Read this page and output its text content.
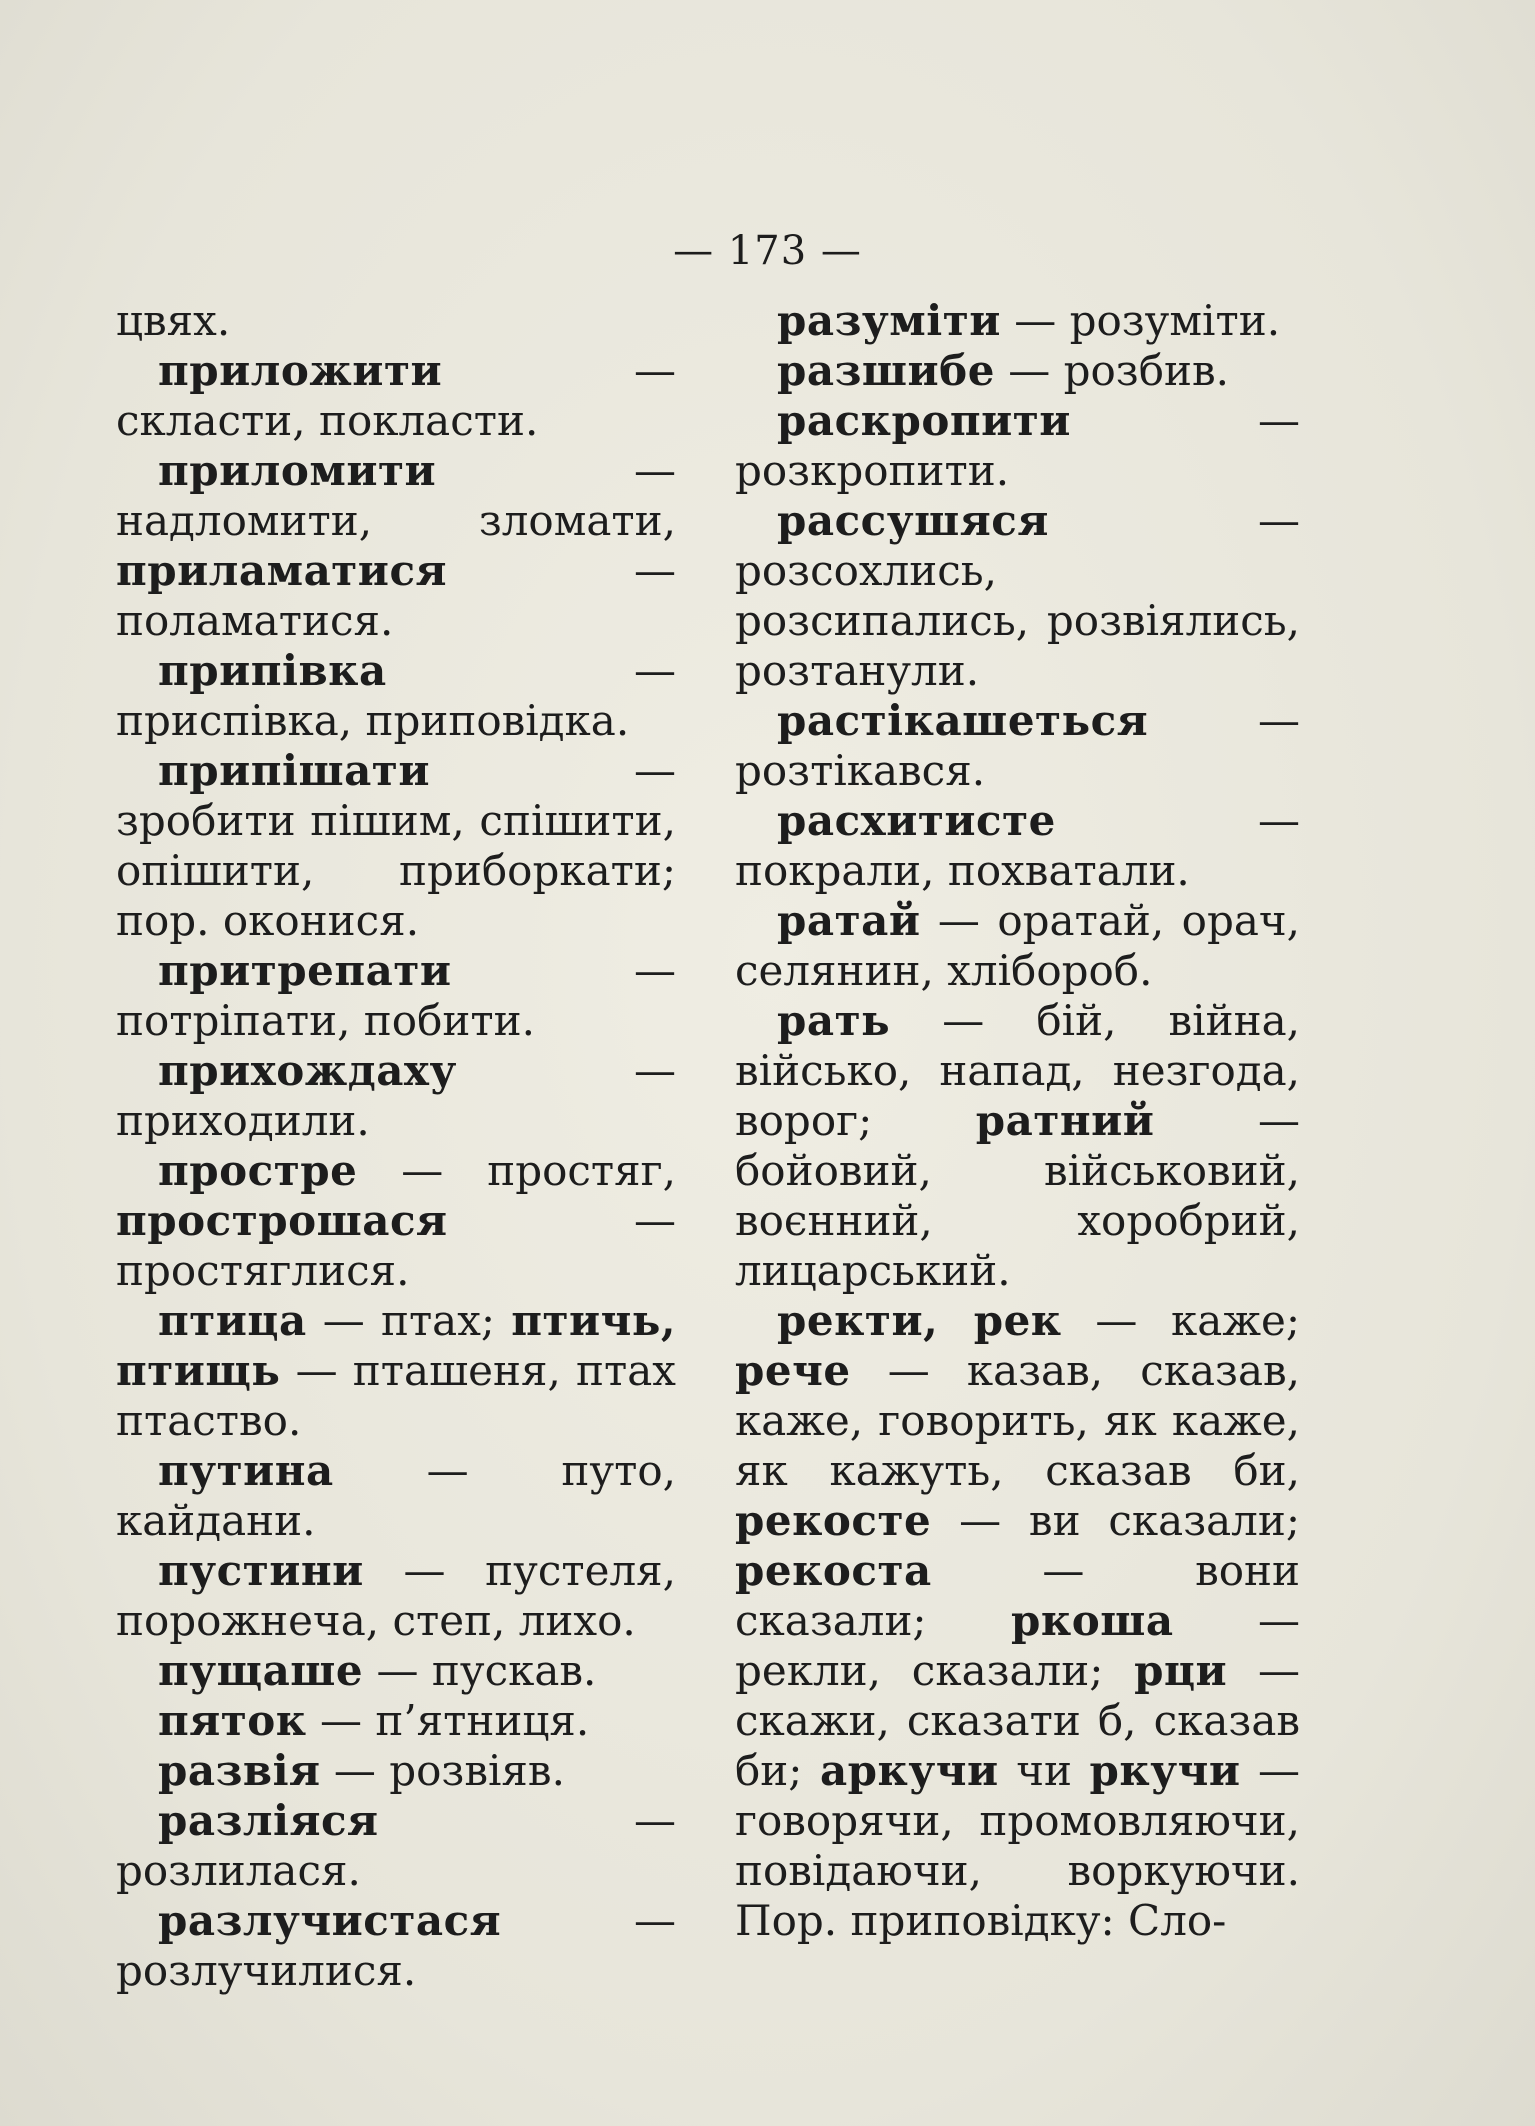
— 173 —

цвях.

приложити — скласти, покласти.

приломити — надломити, зломати, приламатися — поламатися.

припівка — приспівка, приповідка.

припішати — зробити пішим, спішити, опішити, приборкати; пор. оконися.

притрепати — потріпати, побити.

прихождаху — приходили.

простре — простяг, прострошася — простяглися.

птица — птах; птичь, птищь — пташеня, птах птаство.

путина — путо, кайдани.

пустини — пустеля, порожнеча, степ, лихо.

пущаше — пускав.

пяток — п’ятниця.

развія — розвіяв.

разліяся — розлилася.

разлучистася — розлучилися.

разуміти — розуміти.

разшибе — розбив.

раскропити — розкропити.

рассушяся — розсохлись, розсипались, розвіялись, розтанули.

растікашеться —розтікався.

расхитисте — покрали, похватали.

ратай — оратай, орач, селянин, хлібороб.

рать — бій, війна, військо, напад, незгода, ворог; ратний — бойовий, військовий, воєнний, хоробрий, лицарський.

ректи, рек — каже; рече — казав, сказав, каже, говорить, як каже, як кажуть, сказав би, рекосте — ви сказали; рекоста — вони сказали; ркоша — рекли, сказали; рци — скажи, сказати б, сказав би; аркучи чи ркучи — говорячи, промовляючи, повідаючи, воркуючи. Пор. приповідку: Сло-
